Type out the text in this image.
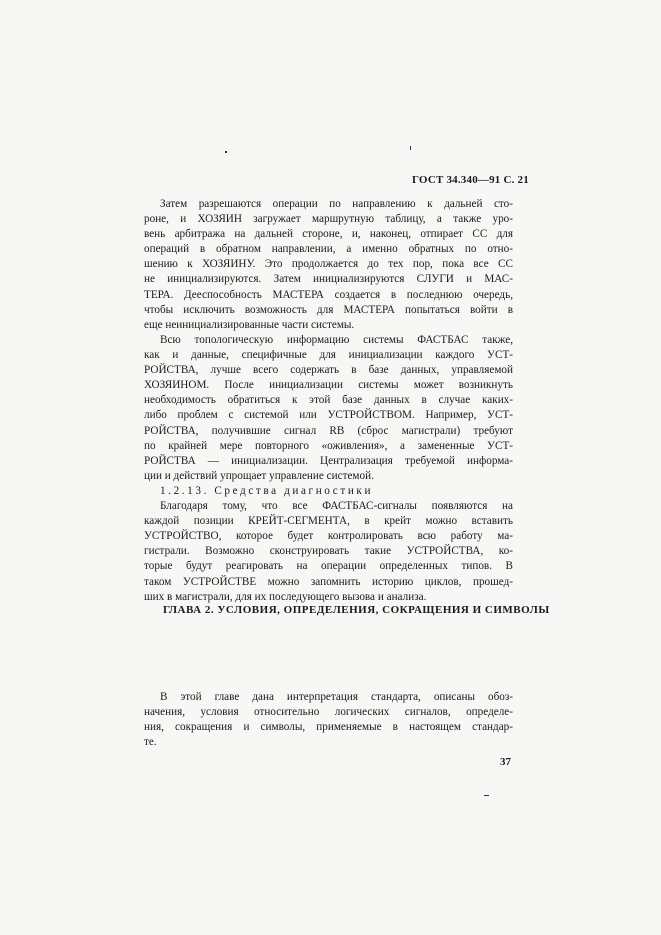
ГОСТ 34.340—91 С. 21
Затем разрешаются операции по направлению к дальней сто-
роне, и ХОЗЯИН загружает маршрутную таблицу, а также уро-
вень арбитража на дальней стороне, и, наконец, отпирает СС для
операций в обратном направлении, а именно обратных по отно-
шению к ХОЗЯИНУ. Это продолжается до тех пор, пока все СС
не инициализируются. Затем инициализируются СЛУГИ и МАС-
ТЕРА. Дееспособность МАСТЕРА создается в последнюю очередь,
чтобы исключить возможность для МАСТЕРА попытаться войти в
еще неинициализированные части системы.
Всю топологическую информацию системы ФАСТБАС также,
как и данные, специфичные для инициализации каждого УСТ-
РОЙСТВА, лучше всего содержать в базе данных, управляемой
ХОЗЯИНОМ. После инициализации системы может возникнуть
необходимость обратиться к этой базе данных в случае каких-
либо проблем с системой или УСТРОЙСТВОМ. Например, УСТ-
РОЙСТВА, получившие сигнал RB (сброс магистрали) требуют
по крайней мере повторного «оживления», а замененные УСТ-
РОЙСТВА — инициализации. Централизация требуемой информа-
ции и действий упрощает управление системой.
1.2.13. Средства диагностики
Благодаря тому, что все ФАСТБАС-сигналы появляются на
каждой позиции КРЕЙТ-СЕГМЕНТА, в крейт можно вставить
УСТРОЙСТВО, которое будет контролировать всю работу ма-
гистрали. Возможно сконструировать такие УСТРОЙСТВА, ко-
торые будут реагировать на операции определенных типов. В
таком УСТРОЙСТВЕ можно запомнить историю циклов, прошед-
ших в магистрали, для их последующего вызова и анализа.
ГЛАВА 2. УСЛОВИЯ, ОПРЕДЕЛЕНИЯ, СОКРАЩЕНИЯ И СИМВОЛЫ
В этой главе дана интерпретация стандарта, описаны обоз-
начения, условия относительно логических сигналов, определе-
ния, сокращения и символы, применяемые в настоящем стандар-
те.
37
